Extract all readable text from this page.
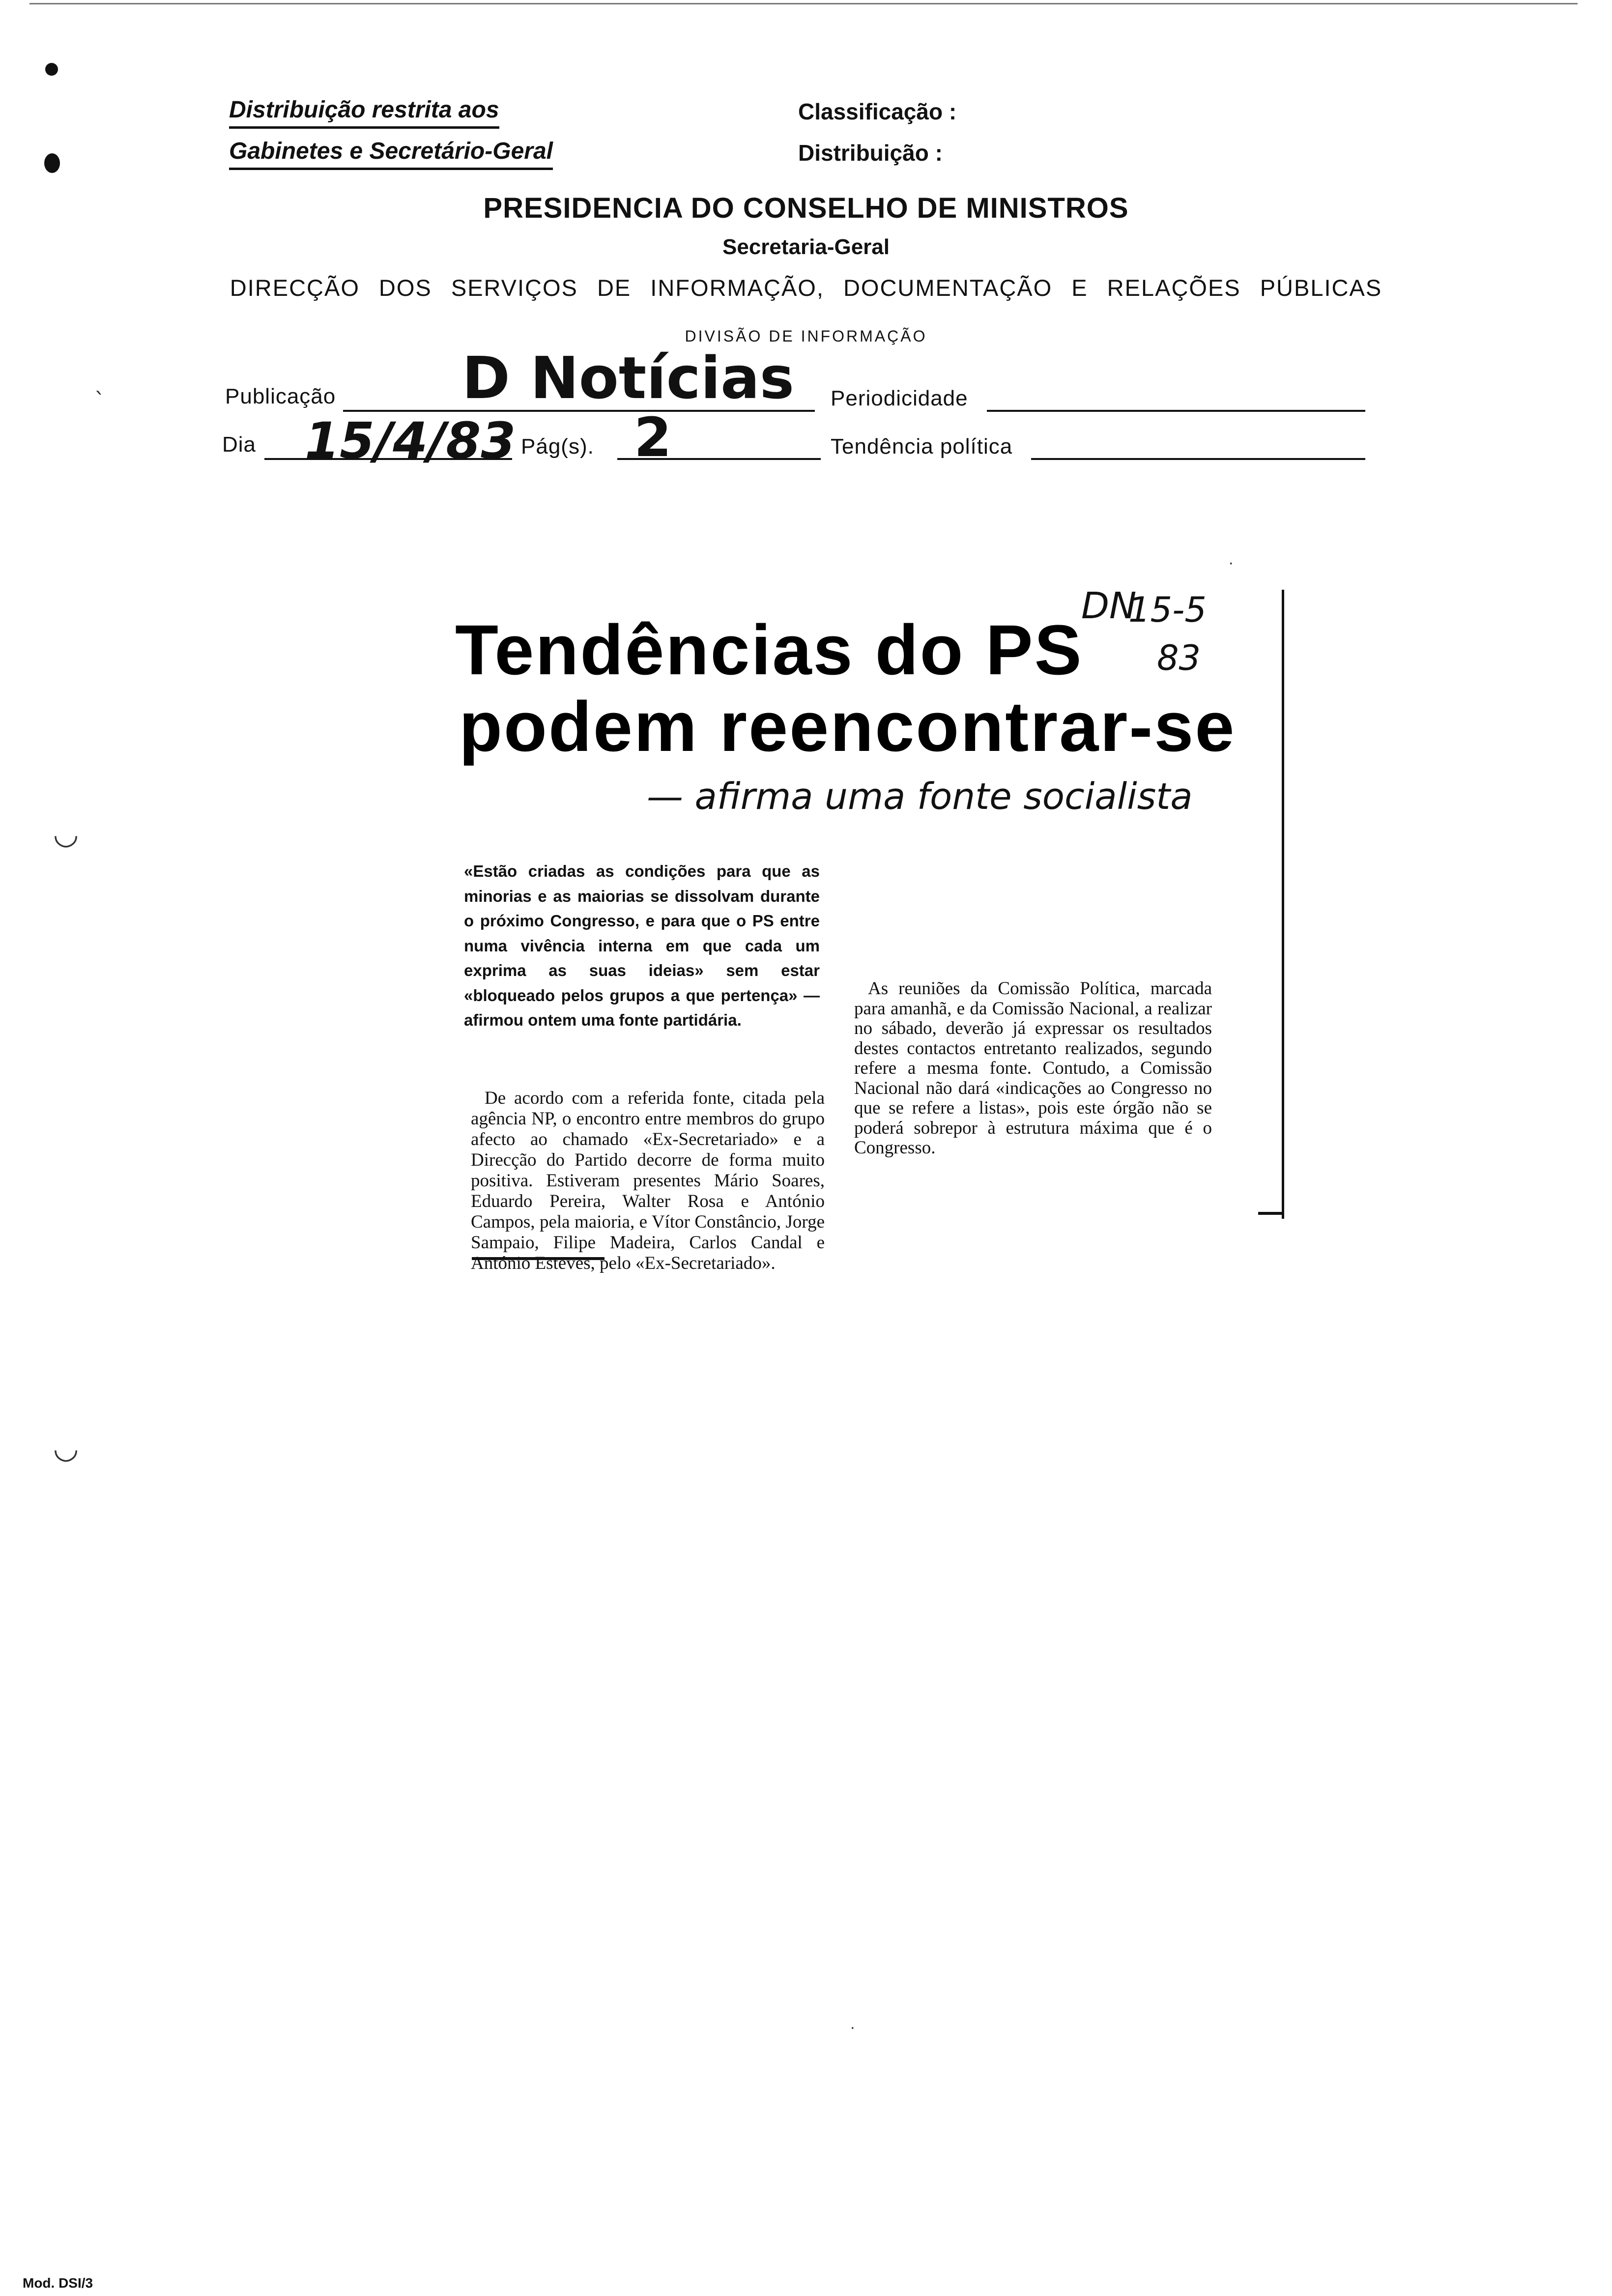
`
◡
◡
Distribuição restrita aos
Gabinetes e Secretário-Geral
Classificação :
Distribuição :
PRESIDENCIA DO CONSELHO DE MINISTROS
Secretaria-Geral
DIRECÇÃO DOS SERVIÇOS DE INFORMAÇÃO, DOCUMENTAÇÃO E RELAÇÕES PÚBLICAS
DIVISÃO DE INFORMAÇÃO
Publicação D Notícias Periodicidade
Dia 15/4/83 Pág(s). 2	Tendência política
Tendências do PS
podem reencontrar-se
DN
15-5
83
— afirma uma fonte socialista

«Estão criadas as condições para que as minorias e as maiorias se dissolvam durante o próximo Congresso, e para que o PS entre numa vivência interna em que cada um exprima as suas ideias» sem estar «bloqueado pelos grupos a que pertença» — afirmou ontem uma fonte partidária.

De acordo com a referida fonte, citada pela agência NP, o encontro entre membros do grupo afecto ao chamado «Ex-Secretariado» e a Direcção do Partido decorre de forma muito positiva. Estiveram presentes Mário Soares, Eduardo Pereira, Walter Rosa e António Campos, pela maioria, e Vítor Constâncio, Jorge Sampaio, Filipe Madeira, Carlos Candal e António Esteves, pelo «Ex-Secretariado».

As reuniões da Comissão Política, marcada para amanhã, e da Comissão Nacional, a realizar no sábado, deverão já expressar os resultados destes contactos entretanto realizados, segundo refere a mesma fonte. Contudo, a Comissão Nacional não dará «indicações ao Congresso no que se refere a listas», pois este órgão não se poderá sobrepor à estrutura máxima que é o Congresso.

·
·
Mod. DSI/3
